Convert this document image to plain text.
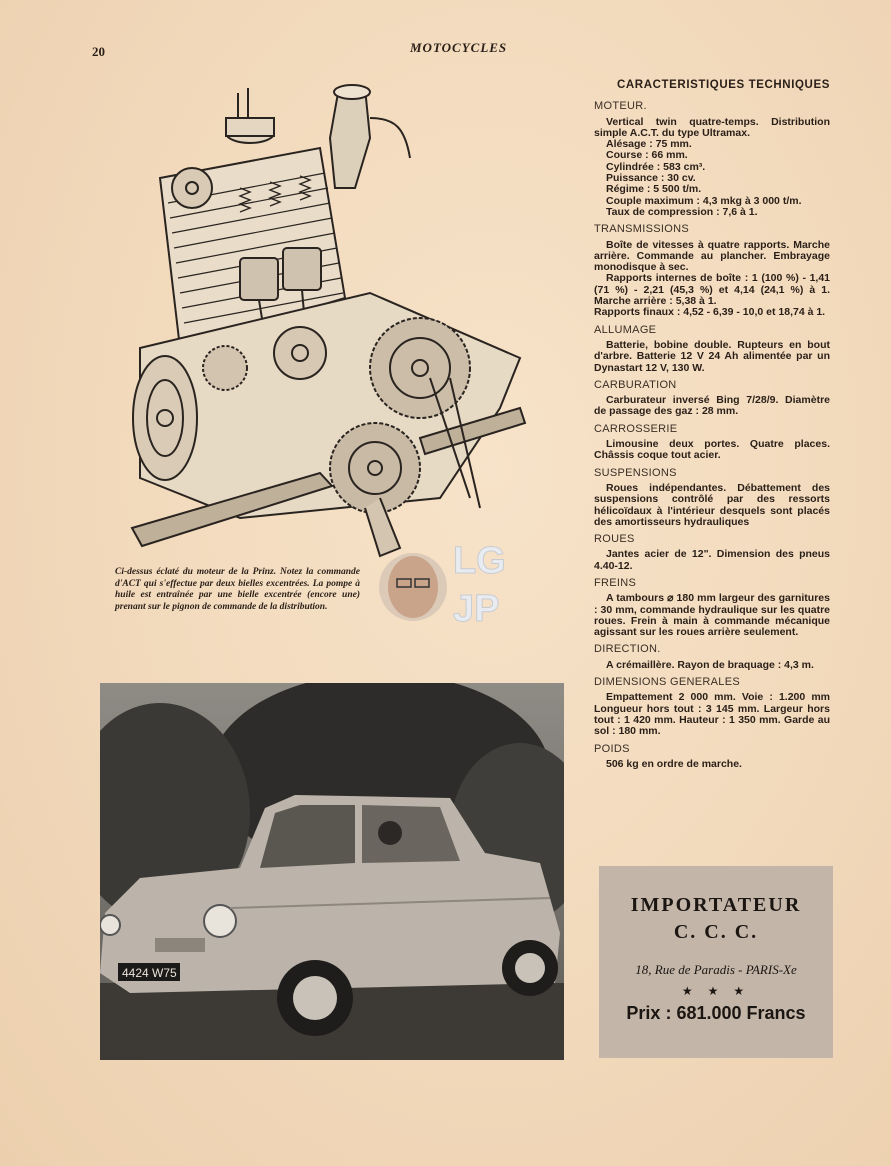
20	MOTOCYCLES
Ci-dessus éclaté du moteur de la Prinz. Notez la commande d'ACT qui s'effectue par deux bielles excentrées. La pompe à huile est entraînée par une bielle excentrée (encore une) prenant sur le pignon de commande de la distribution.
LG
JP
4424 W75
CARACTERISTIQUES TECHNIQUES
MOTEUR.

Vertical twin quatre-temps. Distribution simple A.C.T. du type Ultramax.

Alésage : 75 mm.

Course : 66 mm.

Cylindrée : 583 cm³.

Puissance : 30 cv.

Régime : 5 500 t/m.

Couple maximum : 4,3 mkg à 3 000 t/m.

Taux de compression : 7,6 à 1.

TRANSMISSIONS

Boîte de vitesses à quatre rapports. Marche arrière. Commande au plancher. Embrayage monodisque à sec.

Rapports internes de boîte : 1 (100 %) - 1,41 (71 %) - 2,21 (45,3 %) et 4,14 (24,1 %) à 1. Marche arrière : 5,38 à 1.

Rapports finaux : 4,52 - 6,39 - 10,0 et 18,74 à 1.

ALLUMAGE

Batterie, bobine double. Rupteurs en bout d'arbre. Batterie 12 V 24 Ah alimentée par un Dynastart 12 V, 130 W.

CARBURATION

Carburateur inversé Bing 7/28/9. Diamètre de passage des gaz : 28 mm.

CARROSSERIE

Limousine deux portes. Quatre places. Châssis coque tout acier.

SUSPENSIONS

Roues indépendantes. Débattement des suspensions contrôlé par des ressorts hélicoïdaux à l'intérieur desquels sont placés des amortisseurs hydrauliques

ROUES

Jantes acier de 12". Dimension des pneus 4.40-12.

FREINS

A tambours ⌀ 180 mm largeur des garnitures : 30 mm, commande hydraulique sur les quatre roues. Frein à main à commande mécanique agissant sur les roues arrière seulement.

DIRECTION.

A crémaillère. Rayon de braquage : 4,3 m.

DIMENSIONS GENERALES

Empattement 2 000 mm. Voie : 1.200 mm Longueur hors tout : 3 145 mm. Largeur hors tout : 1 420 mm. Hauteur : 1 350 mm. Garde au sol : 180 mm.

POIDS

506 kg en ordre de marche.

IMPORTATEUR
C. C. C.
18, Rue de Paradis - PARIS-Xe
★ ★ ★
Prix : 681.000 Francs
